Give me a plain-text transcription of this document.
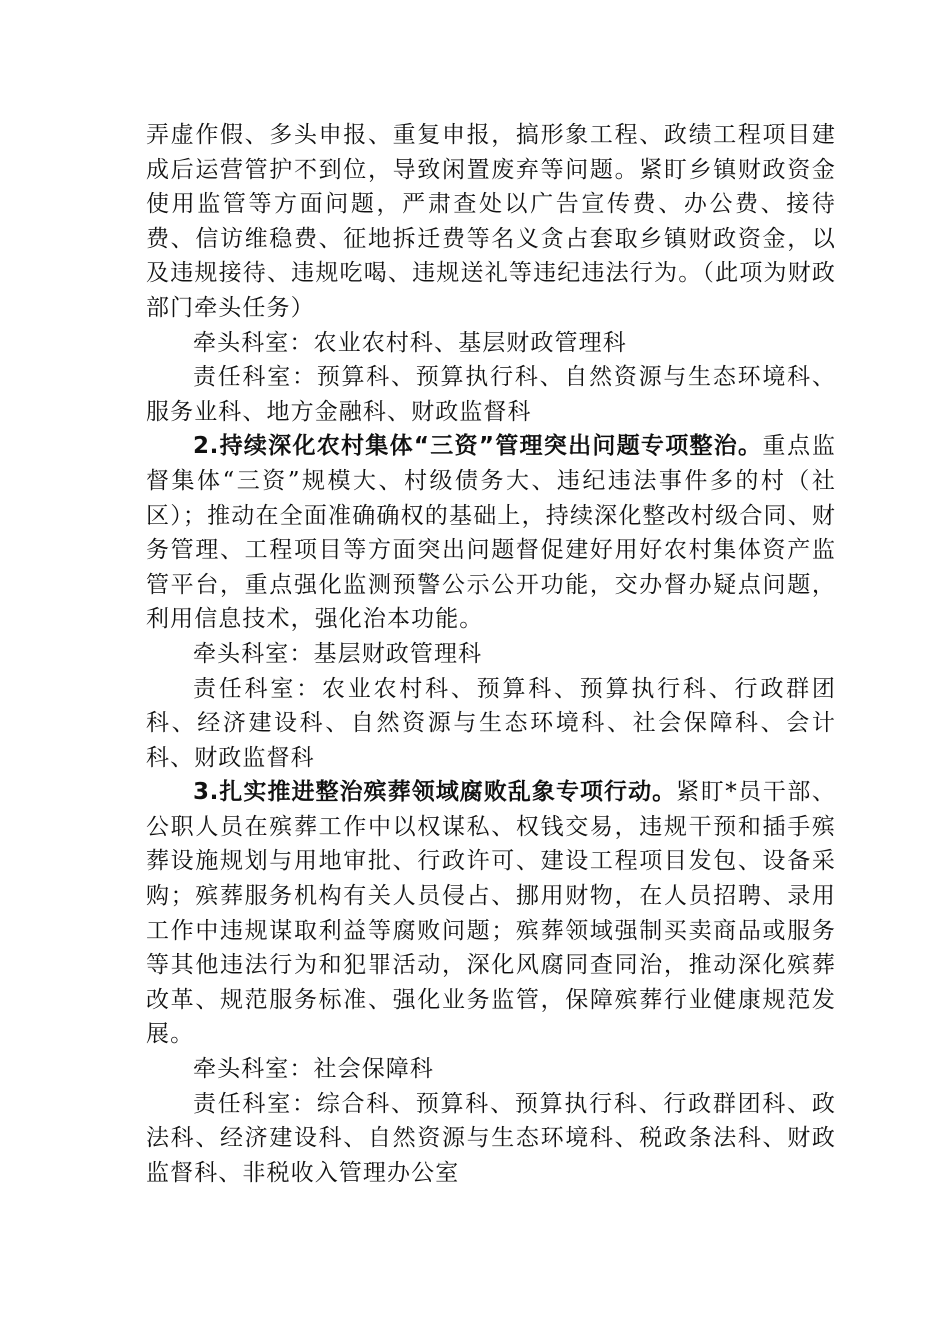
弄虚作假、多头申报、重复申报，搞形象工程、政绩工程项目建成后运营管护不到位，导致闲置废弃等问题。紧盯乡镇财政资金使用监管等方面问题，严肃查处以广告宣传费、办公费、接待费、信访维稳费、征地拆迁费等名义贪占套取乡镇财政资金，以及违规接待、违规吃喝、违规送礼等违纪违法行为。（此项为财政部门牵头任务）

牵头科室：农业农村科、基层财政管理科

责任科室：预算科、预算执行科、自然资源与生态环境科、服务业科、地方金融科、财政监督科

2.持续深化农村集体“三资”管理突出问题专项整治。重点监督集体“三资”规模大、村级债务大、违纪违法事件多的村（社区）；推动在全面准确确权的基础上，持续深化整改村级合同、财务管理、工程项目等方面突出问题督促建好用好农村集体资产监管平台，重点强化监测预警公示公开功能，交办督办疑点问题，利用信息技术，强化治本功能。

牵头科室：基层财政管理科

责任科室：农业农村科、预算科、预算执行科、行政群团科、经济建设科、自然资源与生态环境科、社会保障科、会计科、财政监督科

3.扎实推进整治殡葬领域腐败乱象专项行动。紧盯*员干部、公职人员在殡葬工作中以权谋私、权钱交易，违规干预和插手殡葬设施规划与用地审批、行政许可、建设工程项目发包、设备采购；殡葬服务机构有关人员侵占、挪用财物，在人员招聘、录用工作中违规谋取利益等腐败问题；殡葬领域强制买卖商品或服务等其他违法行为和犯罪活动，深化风腐同查同治，推动深化殡葬改革、规范服务标准、强化业务监管，保障殡葬行业健康规范发展。

牵头科室：社会保障科

责任科室：综合科、预算科、预算执行科、行政群团科、政法科、经济建设科、自然资源与生态环境科、税政条法科、财政监督科、非税收入管理办公室
